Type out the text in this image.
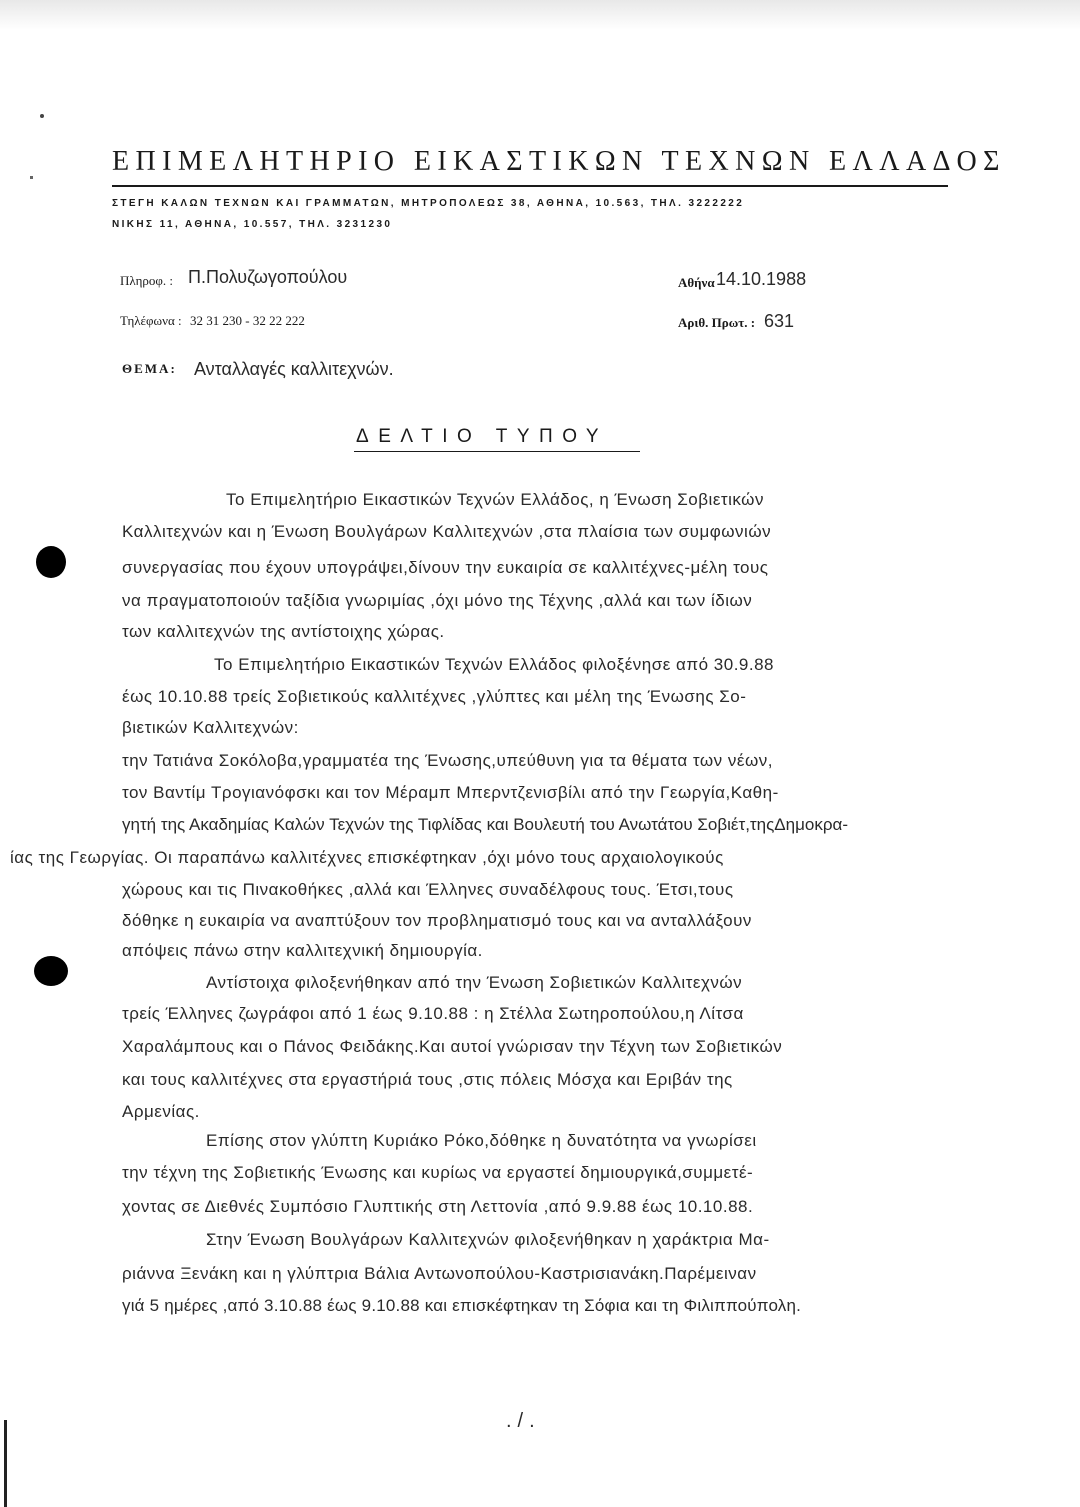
ΕΠΙΜΕΛΗΤΗΡΙΟ ΕΙΚΑΣΤΙΚΩΝ ΤΕΧΝΩΝ ΕΛΛΑΔΟΣ
ΣΤΕΓΗ ΚΑΛΩΝ ΤΕΧΝΩΝ ΚΑΙ ΓΡΑΜΜΑΤΩΝ, ΜΗΤΡΟΠΟΛΕΩΣ 38, ΑΘΗΝΑ, 10.563, ΤΗΛ. 3222222
ΝΙΚΗΣ 11, ΑΘΗΝΑ, 10.557, ΤΗΛ. 3231230
Πληροφ. : Π.Πολυζωγοπούλου	Αθήνα 14.10.1988
Τηλέφωνα : 32 31 230 - 32 22 222	Αριθ. Πρωτ. : 631
ΘΕΜΑ: Ανταλλαγές καλλιτεχνών.
ΔΕΛΤΙΟ ΤΥΠΟΥ
Το Επιμελητήριο Εικαστικών Τεχνών Ελλάδος, η Ένωση Σοβιετικών
Καλλιτεχνών και η Ένωση Βουλγάρων Καλλιτεχνών ,στα πλαίσια των συμφωνιών
συνεργασίας που έχουν υπογράψει,δίνουν την ευκαιρία σε καλλιτέχνες-μέλη τους
να πραγματοποιούν ταξίδια γνωριμίας ,όχι μόνο της Τέχνης ,αλλά και των ίδιων
των καλλιτεχνών της αντίστοιχης χώρας.
Το Επιμελητήριο Εικαστικών Τεχνών Ελλάδος φιλοξένησε από 30.9.88
έως 10.10.88 τρείς Σοβιετικούς καλλιτέχνες ,γλύπτες και μέλη της Ένωσης Σο-
βιετικών Καλλιτεχνών:
την Τατιάνα Σοκόλοβα,γραμματέα της Ένωσης,υπεύθυνη για τα θέματα των νέων,
τον Βαντίμ Τρογιανόφσκι και τον Μέραμπ Μπερντζενισβίλι από την Γεωργία,Καθη-
γητή της Ακαδημίας Καλών Τεχνών της Τιφλίδας και Βουλευτή του Ανωτάτου Σοβιέτ,τηςΔημοκρα-
ίας της Γεωργίας. Οι παραπάνω καλλιτέχνες επισκέφτηκαν ,όχι μόνο τους αρχαιολογικούς
χώρους και τις Πινακοθήκες ,αλλά και Έλληνες συναδέλφους τους. Έτσι,τους
δόθηκε η ευκαιρία να αναπτύξουν τον προβληματισμό τους και να ανταλλάξουν
απόψεις πάνω στην καλλιτεχνική δημιουργία.
Αντίστοιχα φιλοξενήθηκαν από την Ένωση Σοβιετικών Καλλιτεχνών
τρείς Έλληνες ζωγράφοι από 1 έως 9.10.88 : η Στέλλα Σωτηροπούλου,η Λίτσα
Χαραλάμπους και ο Πάνος Φειδάκης.Και αυτοί γνώρισαν την Τέχνη των Σοβιετικών
και τους καλλιτέχνες στα εργαστήριά τους ,στις πόλεις Μόσχα και Εριβάν της
Αρμενίας.
Επίσης στον γλύπτη Κυριάκο Ρόκο,δόθηκε η δυνατότητα να γνωρίσει
την τέχνη της Σοβιετικής Ένωσης και κυρίως να εργαστεί δημιουργικά,συμμετέ-
χοντας σε Διεθνές Συμπόσιο Γλυπτικής στη Λεττονία ,από 9.9.88 έως 10.10.88.
Στην Ένωση Βουλγάρων Καλλιτεχνών φιλοξενήθηκαν η χαράκτρια Μα-
ριάννα Ξενάκη και η γλύπτρια Βάλια Αντωνοπούλου-Καστρισιανάκη.Παρέμειναν
γιά 5 ημέρες ,από 3.10.88 έως 9.10.88 και επισκέφτηκαν τη Σόφια και τη Φιλιππούπολη.
./.
